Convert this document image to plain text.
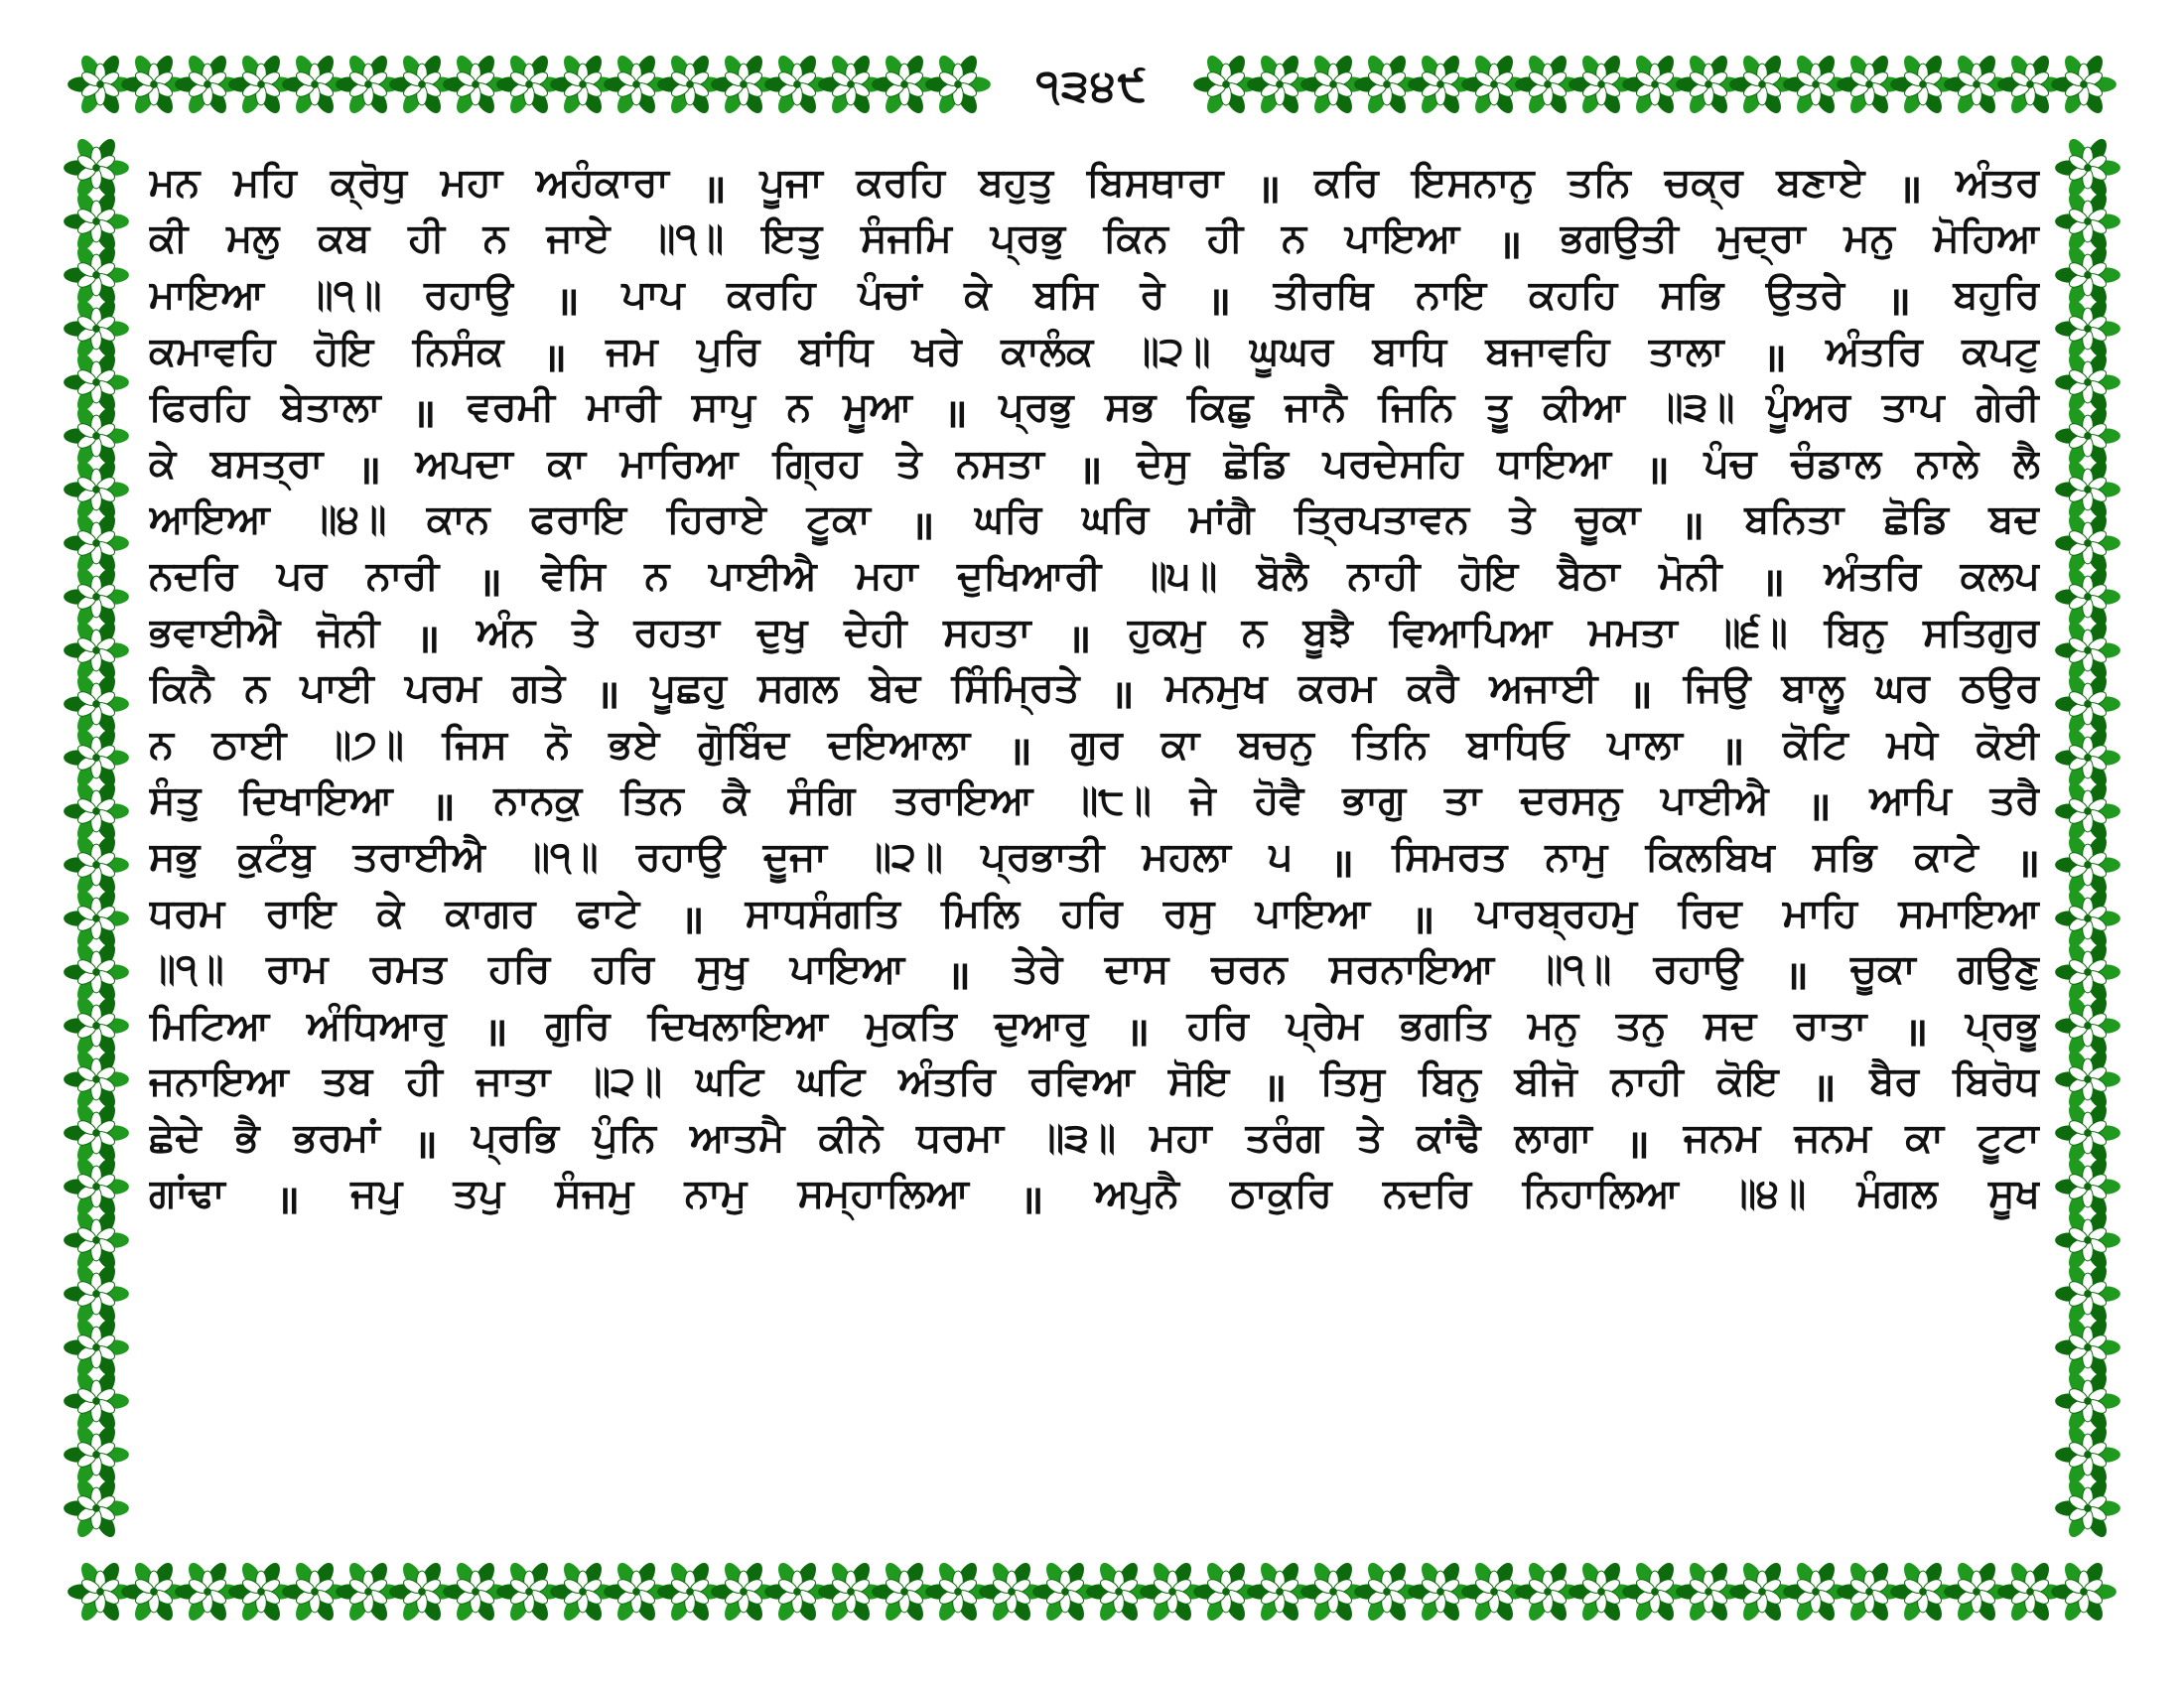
੧੩੪੯
ਮਨ ਮਹਿ ਕ੍ਰੋਧੁ ਮਹਾ ਅਹੰਕਾਰਾ ॥ ਪੂਜਾ ਕਰਹਿ ਬਹੁਤੁ ਬਿਸਥਾਰਾ ॥ ਕਰਿ ਇਸਨਾਨੁ ਤਨਿ ਚਕ੍ਰ ਬਣਾਏ ॥ ਅੰਤਰ
ਕੀ ਮਲੁ ਕਬ ਹੀ ਨ ਜਾਏ ॥੧॥ ਇਤੁ ਸੰਜਮਿ ਪ੍ਰਭੁ ਕਿਨ ਹੀ ਨ ਪਾਇਆ ॥ ਭਗਉਤੀ ਮੁਦ੍ਰਾ ਮਨੁ ਮੋਹਿਆ
ਮਾਇਆ ॥੧॥ ਰਹਾਉ ॥ ਪਾਪ ਕਰਹਿ ਪੰਚਾਂ ਕੇ ਬਸਿ ਰੇ ॥ ਤੀਰਥਿ ਨਾਇ ਕਹਹਿ ਸਭਿ ਉਤਰੇ ॥ ਬਹੁਰਿ
ਕਮਾਵਹਿ ਹੋਇ ਨਿਸੰਕ ॥ ਜਮ ਪੁਰਿ ਬਾਂਧਿ ਖਰੇ ਕਾਲੰਕ ॥੨॥ ਘੂਘਰ ਬਾਧਿ ਬਜਾਵਹਿ ਤਾਲਾ ॥ ਅੰਤਰਿ ਕਪਟੁ
ਫਿਰਹਿ ਬੇਤਾਲਾ ॥ ਵਰਮੀ ਮਾਰੀ ਸਾਪੁ ਨ ਮੂਆ ॥ ਪ੍ਰਭੁ ਸਭ ਕਿਛੁ ਜਾਨੈ ਜਿਨਿ ਤੂ ਕੀਆ ॥੩॥ ਪੂੰਅਰ ਤਾਪ ਗੇਰੀ
ਕੇ ਬਸਤ੍ਰਾ ॥ ਅਪਦਾ ਕਾ ਮਾਰਿਆ ਗ੍ਰਿਹ ਤੇ ਨਸਤਾ ॥ ਦੇਸੁ ਛੋਡਿ ਪਰਦੇਸਹਿ ਧਾਇਆ ॥ ਪੰਚ ਚੰਡਾਲ ਨਾਲੇ ਲੈ
ਆਇਆ ॥੪॥ ਕਾਨ ਫਰਾਇ ਹਿਰਾਏ ਟੂਕਾ ॥ ਘਰਿ ਘਰਿ ਮਾਂਗੈ ਤ੍ਰਿਪਤਾਵਨ ਤੇ ਚੂਕਾ ॥ ਬਨਿਤਾ ਛੋਡਿ ਬਦ
ਨਦਰਿ ਪਰ ਨਾਰੀ ॥ ਵੇਸਿ ਨ ਪਾਈਐ ਮਹਾ ਦੁਖਿਆਰੀ ॥੫॥ ਬੋਲੈ ਨਾਹੀ ਹੋਇ ਬੈਠਾ ਮੋਨੀ ॥ ਅੰਤਰਿ ਕਲਪ
ਭਵਾਈਐ ਜੋਨੀ ॥ ਅੰਨ ਤੇ ਰਹਤਾ ਦੁਖੁ ਦੇਹੀ ਸਹਤਾ ॥ ਹੁਕਮੁ ਨ ਬੂਝੈ ਵਿਆਪਿਆ ਮਮਤਾ ॥੬॥ ਬਿਨੁ ਸਤਿਗੁਰ
ਕਿਨੈ ਨ ਪਾਈ ਪਰਮ ਗਤੇ ॥ ਪੂਛਹੁ ਸਗਲ ਬੇਦ ਸਿੰਮ੍ਰਿਤੇ ॥ ਮਨਮੁਖ ਕਰਮ ਕਰੈ ਅਜਾਈ ॥ ਜਿਉ ਬਾਲੂ ਘਰ ਠਉਰ
ਨ ਠਾਈ ॥੭॥ ਜਿਸ ਨੋ ਭਏ ਗੋੁਬਿੰਦ ਦਇਆਲਾ ॥ ਗੁਰ ਕਾ ਬਚਨੁ ਤਿਨਿ ਬਾਧਿਓ ਪਾਲਾ ॥ ਕੋਟਿ ਮਧੇ ਕੋਈ
ਸੰਤੁ ਦਿਖਾਇਆ ॥ ਨਾਨਕੁ ਤਿਨ ਕੈ ਸੰਗਿ ਤਰਾਇਆ ॥੮॥ ਜੇ ਹੋਵੈ ਭਾਗੁ ਤਾ ਦਰਸਨੁ ਪਾਈਐ ॥ ਆਪਿ ਤਰੈ
ਸਭੁ ਕੁਟੰਬੁ ਤਰਾਈਐ ॥੧॥ ਰਹਾਉ ਦੂਜਾ ॥੨॥ ਪ੍ਰਭਾਤੀ ਮਹਲਾ ੫ ॥ ਸਿਮਰਤ ਨਾਮੁ ਕਿਲਬਿਖ ਸਭਿ ਕਾਟੇ ॥
ਧਰਮ ਰਾਇ ਕੇ ਕਾਗਰ ਫਾਟੇ ॥ ਸਾਧਸੰਗਤਿ ਮਿਲਿ ਹਰਿ ਰਸੁ ਪਾਇਆ ॥ ਪਾਰਬ੍ਰਹਮੁ ਰਿਦ ਮਾਹਿ ਸਮਾਇਆ
॥੧॥ ਰਾਮ ਰਮਤ ਹਰਿ ਹਰਿ ਸੁਖੁ ਪਾਇਆ ॥ ਤੇਰੇ ਦਾਸ ਚਰਨ ਸਰਨਾਇਆ ॥੧॥ ਰਹਾਉ ॥ ਚੂਕਾ ਗਉਣੁ
ਮਿਟਿਆ ਅੰਧਿਆਰੁ ॥ ਗੁਰਿ ਦਿਖਲਾਇਆ ਮੁਕਤਿ ਦੁਆਰੁ ॥ ਹਰਿ ਪ੍ਰੇਮ ਭਗਤਿ ਮਨੁ ਤਨੁ ਸਦ ਰਾਤਾ ॥ ਪ੍ਰਭੂ
ਜਨਾਇਆ ਤਬ ਹੀ ਜਾਤਾ ॥੨॥ ਘਟਿ ਘਟਿ ਅੰਤਰਿ ਰਵਿਆ ਸੋਇ ॥ ਤਿਸੁ ਬਿਨੁ ਬੀਜੋ ਨਾਹੀ ਕੋਇ ॥ ਬੈਰ ਬਿਰੋਧ
ਛੇਦੇ ਭੈ ਭਰਮਾਂ ॥ ਪ੍ਰਭਿ ਪੁੰਨਿ ਆਤਮੈ ਕੀਨੇ ਧਰਮਾ ॥੩॥ ਮਹਾ ਤਰੰਗ ਤੇ ਕਾਂਢੈ ਲਾਗਾ ॥ ਜਨਮ ਜਨਮ ਕਾ ਟੂਟਾ
ਗਾਂਢਾ ॥ ਜਪੁ ਤਪੁ ਸੰਜਮੁ ਨਾਮੁ ਸਮ੍ਹਾਲਿਆ ॥ ਅਪੁਨੈ ਠਾਕੁਰਿ ਨਦਰਿ ਨਿਹਾਲਿਆ ॥੪॥ ਮੰਗਲ ਸੂਖ
